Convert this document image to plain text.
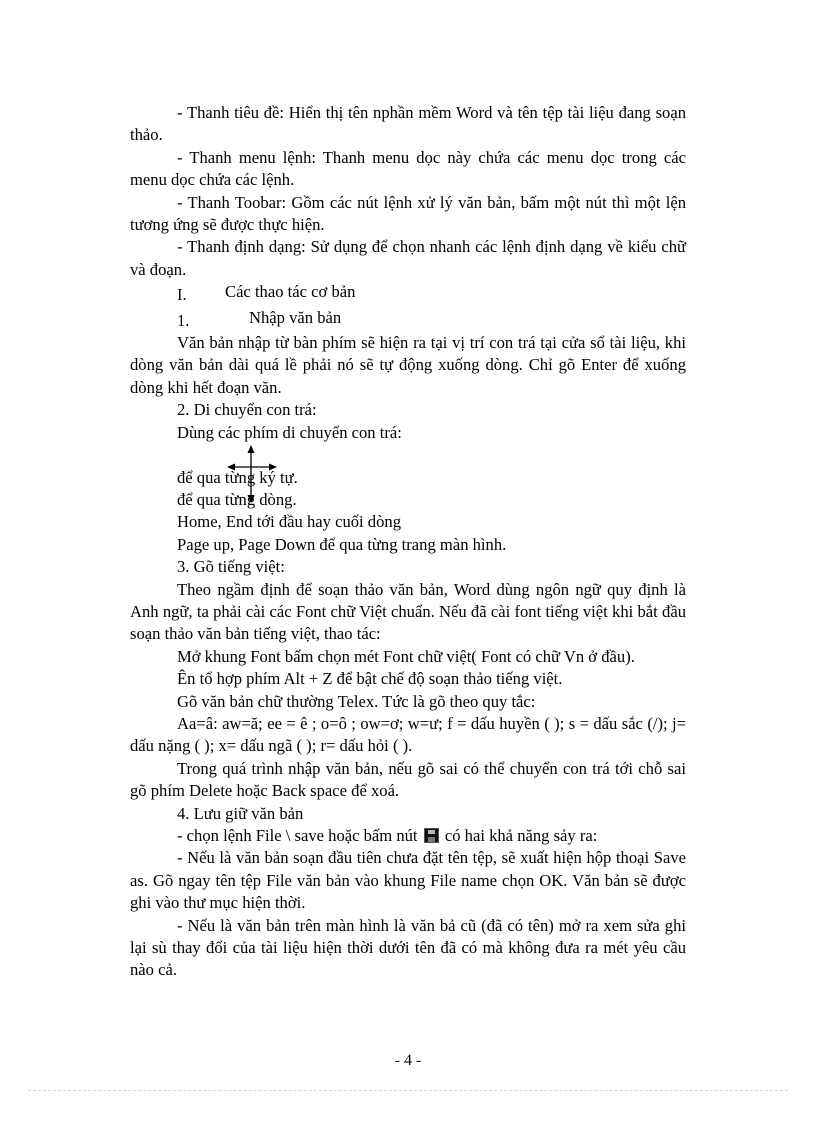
- Thanh tiêu đề: Hiển thị tên nphần mềm Word và tên tệp tài liệu đang soạn thảo.

- Thanh menu lệnh: Thanh menu dọc này chứa các menu dọc trong các menu dọc chứa các lệnh.

- Thanh Toobar: Gồm các nút lệnh xử lý văn bản, bấm một nút thì một lện tương ứng sẽ được thực hiện.

- Thanh định dạng: Sử dụng để chọn nhanh các lệnh định dạng về kiểu chữ và đoạn.

I. Các thao tác cơ bản

1.	Nhập văn bản

Văn bản nhập từ bàn phím sẽ hiện ra tại vị trí con trá tại cửa sổ tài liệu, khi dòng văn bản dài quá lề phải nó sẽ tự động xuống dòng. Chỉ gõ Enter để xuống dòng khi hết đoạn văn.

2. Di chuyển con trá:

Dùng các phím di chuyển con trá:

để qua từng ký tự.

để qua từng dòng.

Home, End tới đầu hay cuối dòng

Page up, Page Down để qua từng trang màn hình.

3. Gõ tiếng việt:

Theo ngầm định để soạn thảo văn bản, Word dùng ngôn ngữ quy định là Anh ngữ, ta phải cài các Font chữ Việt chuẩn. Nếu đã cài font tiếng việt khi bắt đầu soạn thảo văn bản tiếng việt, thao tác:

Mở khung Font bấm chọn mét Font chữ việt( Font có chữ Vn ở đầu).

Ên tổ hợp phím Alt + Z để bật chế độ soạn thảo tiếng việt.

Gõ văn bản chữ thường Telex. Tức là gõ theo quy tắc:

Aa=â: aw=ă; ee = ê ; o=ô ; ow=ơ; w=ư; f = dấu huyền ( ); s = dấu sắc (/); j= dấu nặng ( ); x= dấu ngã ( ); r= dấu hỏi ( ).

Trong quá trình nhập văn bản, nếu gõ sai có thể chuyển con trá tới chỗ sai gõ phím Delete hoặc Back space để xoá.

4. Lưu giữ văn bản

- chọn lệnh File \ save hoặc bấm nút có hai khả năng sảy ra:

- Nếu là văn bản soạn đầu tiên chưa đặt tên tệp, sẽ xuất hiện hộp thoại Save as. Gõ ngay tên tệp File văn bản vào khung File name chọn OK. Văn bản sẽ được ghi vào thư mục hiện thời.

- Nếu là văn bản trên màn hình là văn bả cũ (đã có tên) mở ra xem sửa ghi lại sù thay đổi của tài liệu hiện thời dưới tên đã có mà không đưa ra mét yêu cầu nào cả.

- 4 -
